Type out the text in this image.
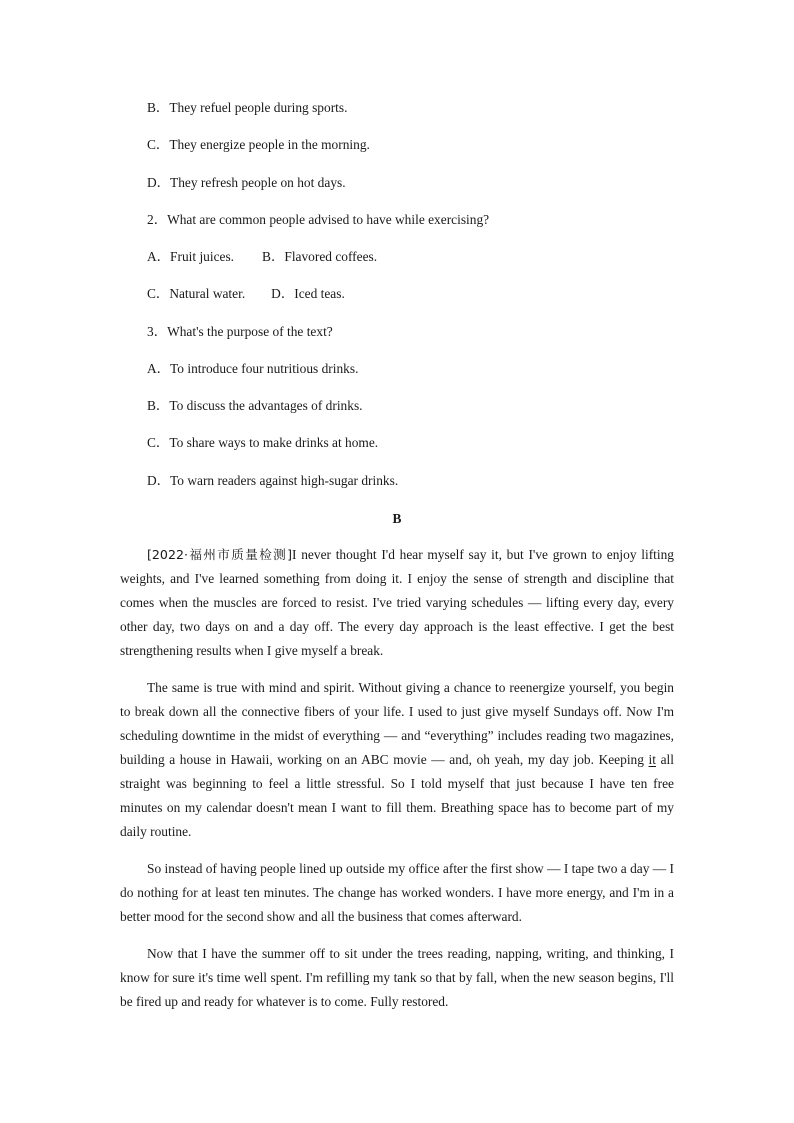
B．They refuel people during sports.
C．They energize people in the morning.
D．They refresh people on hot days.
2．What are common people advised to have while exercising?
A．Fruit juices. B．Flavored coffees.
C．Natural water. D．Iced teas.
3．What's the purpose of the text?
A．To introduce four nutritious drinks.
B．To discuss the advantages of drinks.
C．To share ways to make drinks at home.
D．To warn readers against high-sugar drinks.
B

[2022·福州市质量检测]I never thought I'd hear myself say it, but I've grown to enjoy lifting weights, and I've learned something from doing it. I enjoy the sense of strength and discipline that comes when the muscles are forced to resist. I've tried varying schedules — lifting every day, every other day, two days on and a day off. The every day approach is the least effective. I get the best strengthening results when I give myself a break.

The same is true with mind and spirit. Without giving a chance to reenergize yourself, you begin to break down all the connective fibers of your life. I used to just give myself Sundays off. Now I'm scheduling downtime in the midst of everything — and “everything” includes reading two magazines, building a house in Hawaii, working on an ABC movie — and, oh yeah, my day job. Keeping it all straight was beginning to feel a little stressful. So I told myself that just because I have ten free minutes on my calendar doesn't mean I want to fill them. Breathing space has to become part of my daily routine.

So instead of having people lined up outside my office after the first show — I tape two a day — I do nothing for at least ten minutes. The change has worked wonders. I have more energy, and I'm in a better mood for the second show and all the business that comes afterward.

Now that I have the summer off to sit under the trees reading, napping, writing, and thinking, I know for sure it's time well spent. I'm refilling my tank so that by fall, when the new season begins, I'll be fired up and ready for whatever is to come. Fully restored.
